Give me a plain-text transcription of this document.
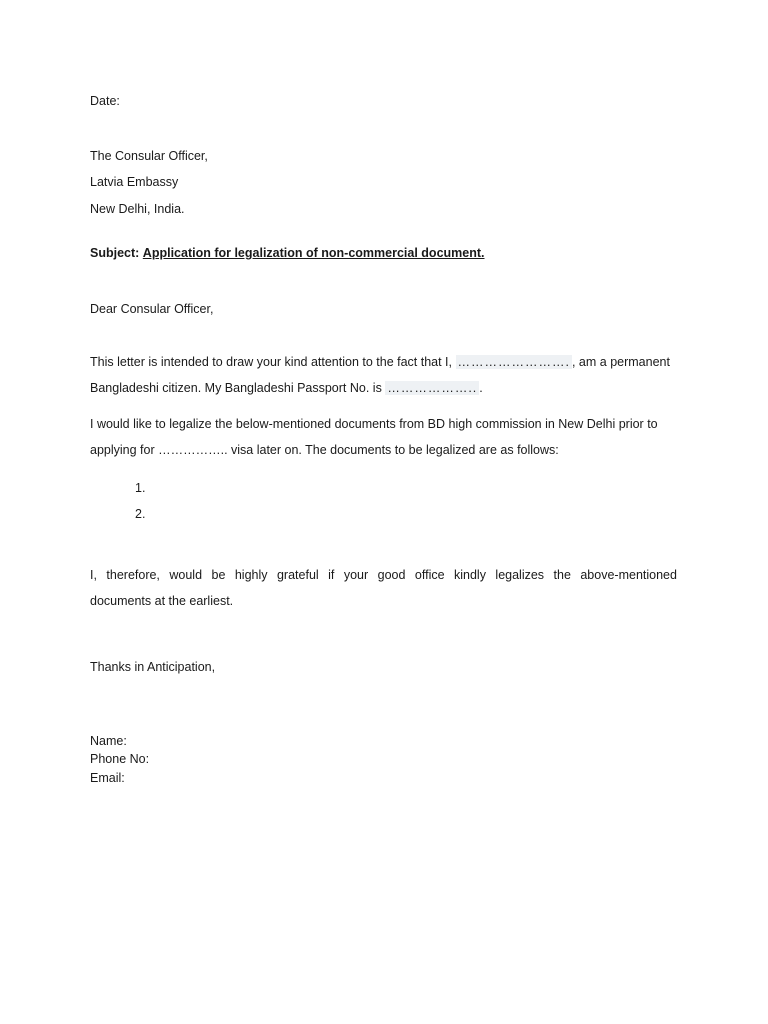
Date:
The Consular Officer,
Latvia Embassy
New Delhi, India.
Subject: Application for legalization of non-commercial document.
Dear Consular Officer,
This letter is intended to draw your kind attention to the fact that I, ……………………. , am a permanent
Bangladeshi citizen. My Bangladeshi Passport No. is ……………….. .
I would like to legalize the below-mentioned documents from BD high commission in New Delhi prior to
applying for …………….. visa later on. The documents to be legalized are as follows:
1.
2.
I, therefore, would be highly grateful if your good office kindly legalizes the above-mentioned
documents at the earliest.
Thanks in Anticipation,
Name:
Phone No:
Email:
